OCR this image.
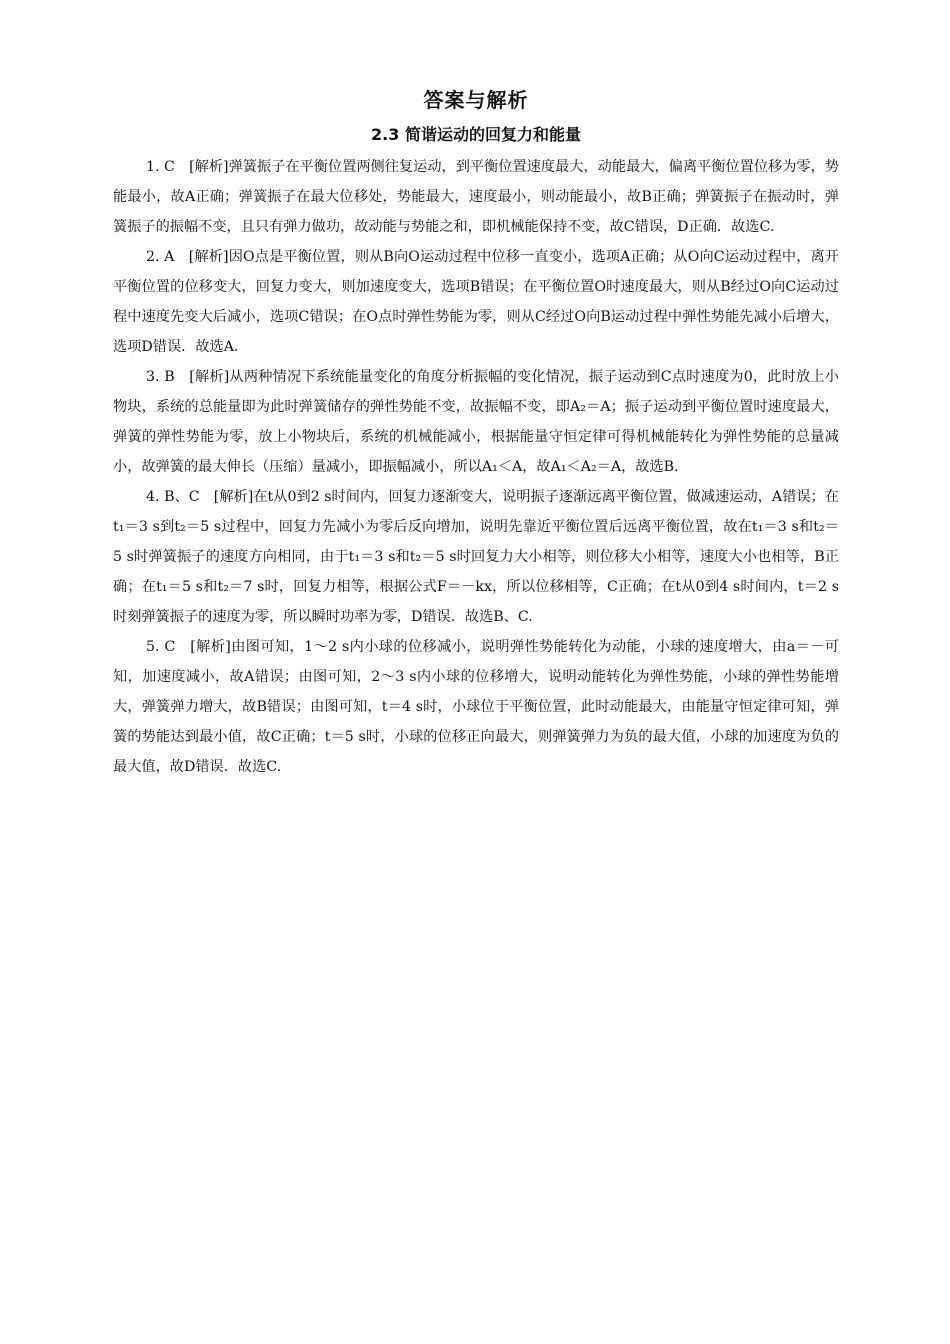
答案与解析
2.3 简谐运动的回复力和能量

1. C　[解析]弹簧振子在平衡位置两侧往复运动，到平衡位置速度最大，动能最大，偏离平衡位置位移为零，势能最小，故A正确；弹簧振子在最大位移处，势能最大，速度最小，则动能最小，故B正确；弹簧振子在振动时，弹簧振子的振幅不变，且只有弹力做功，故动能与势能之和，即机械能保持不变，故C错误，D正确．故选C.

2. A　[解析]因O点是平衡位置，则从B向O运动过程中位移一直变小，选项A正确；从O向C运动过程中，离开平衡位置的位移变大，回复力变大，则加速度变大，选项B错误；在平衡位置O时速度最大，则从B经过O向C运动过程中速度先变大后减小，选项C错误；在O点时弹性势能为零，则从C经过O向B运动过程中弹性势能先减小后增大，选项D错误．故选A.

3. B　[解析]从两种情况下系统能量变化的角度分析振幅的变化情况，振子运动到C点时速度为0，此时放上小物块，系统的总能量即为此时弹簧储存的弹性势能不变，故振幅不变，即A₂＝A；振子运动到平衡位置时速度最大，弹簧的弹性势能为零，放上小物块后，系统的机械能减小，根据能量守恒定律可得机械能转化为弹性势能的总量减小，故弹簧的最大伸长（压缩）量减小，即振幅减小，所以A₁＜A，故A₁＜A₂＝A，故选B.

4. B、C　[解析]在t从0到2 s时间内，回复力逐渐变大，说明振子逐渐远离平衡位置，做减速运动，A错误；在t₁＝3 s到t₂＝5 s过程中，回复力先减小为零后反向增加，说明先靠近平衡位置后远离平衡位置，故在t₁＝3 s和t₂＝5 s时弹簧振子的速度方向相同，由于t₁＝3 s和t₂＝5 s时回复力大小相等，则位移大小相等，速度大小也相等，B正确；在t₁＝5 s和t₂＝7 s时，回复力相等，根据公式F＝－kx，所以位移相等，C正确；在t从0到4 s时间内，t＝2 s时刻弹簧振子的速度为零，所以瞬时功率为零，D错误．故选B、C.

5. C　[解析]由图可知，1～2 s内小球的位移减小，说明弹性势能转化为动能，小球的速度增大，由a＝－可知，加速度减小，故A错误；由图可知，2～3 s内小球的位移增大，说明动能转化为弹性势能，小球的弹性势能增大，弹簧弹力增大，故B错误；由图可知，t＝4 s时，小球位于平衡位置，此时动能最大，由能量守恒定律可知，弹簧的势能达到最小值，故C正确；t＝5 s时，小球的位移正向最大，则弹簧弹力为负的最大值，小球的加速度为负的最大值，故D错误．故选C.
